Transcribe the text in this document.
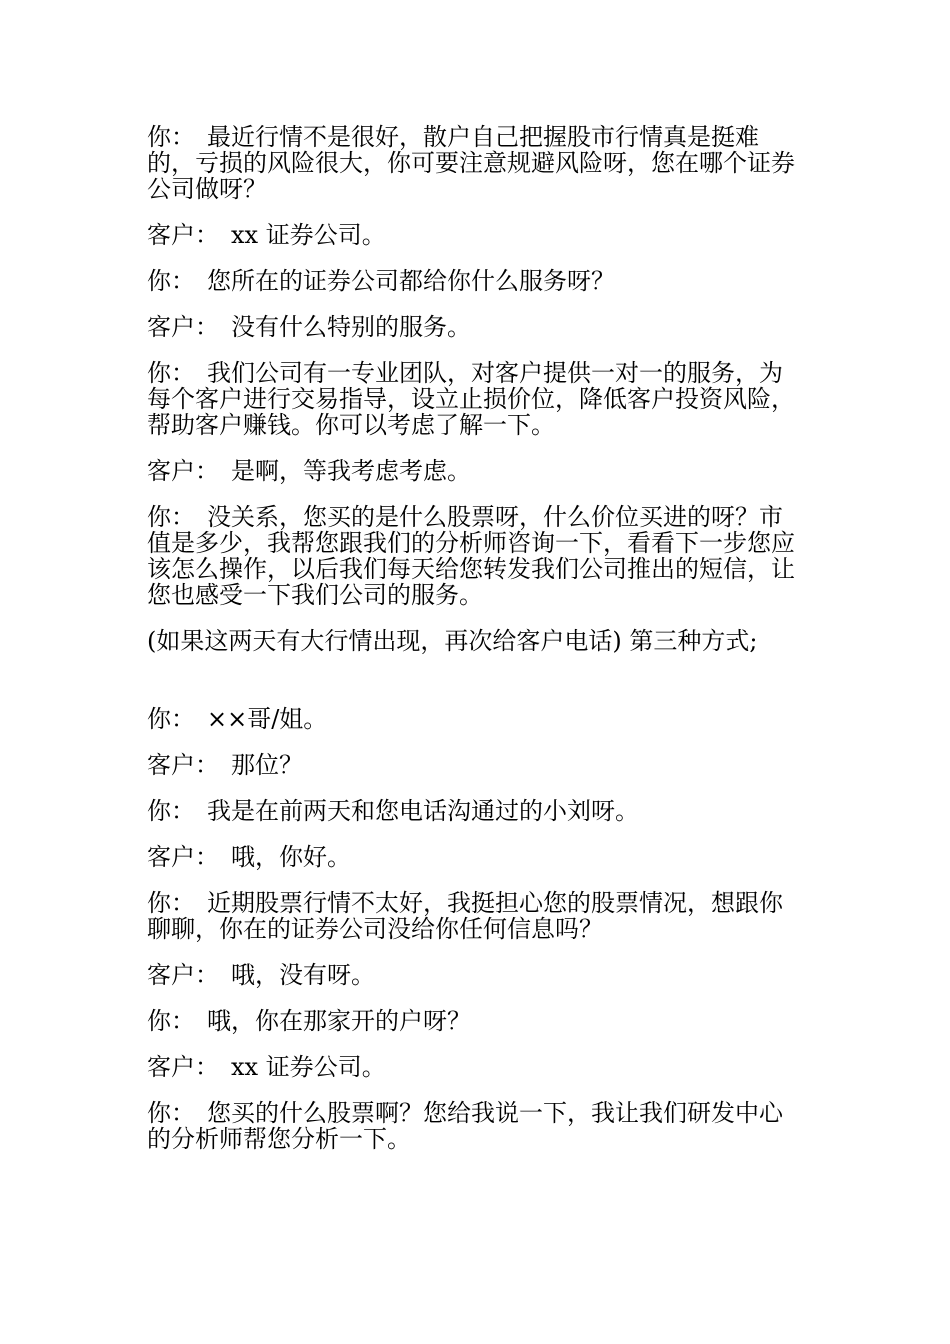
你：　最近行情不是很好，散户自己把握股市行情真是挺难的，亏损的风险很大，你可要注意规避风险呀，您在哪个证券公司做呀？

客户：　xx 证券公司。

你：　您所在的证券公司都给你什么服务呀？

客户：　没有什么特别的服务。

你：　我们公司有一专业团队，对客户提供一对一的服务，为每个客户进行交易指导，设立止损价位，降低客户投资风险，帮助客户赚钱。你可以考虑了解一下。

客户：　是啊，等我考虑考虑。

你：　没关系，您买的是什么股票呀，什么价位买进的呀？市值是多少，我帮您跟我们的分析师咨询一下，看看下一步您应该怎么操作，以后我们每天给您转发我们公司推出的短信，让您也感受一下我们公司的服务。

(如果这两天有大行情出现，再次给客户电话) 第三种方式;

你：　××哥/姐。

客户：　那位？

你：　我是在前两天和您电话沟通过的小刘呀。

客户：　哦，你好。

你：　近期股票行情不太好，我挺担心您的股票情况，想跟你聊聊，你在的证券公司没给你任何信息吗？

客户：　哦，没有呀。

你：　哦，你在那家开的户呀？

客户：　xx 证券公司。

你：　您买的什么股票啊？您给我说一下，我让我们研发中心的分析师帮您分析一下。
